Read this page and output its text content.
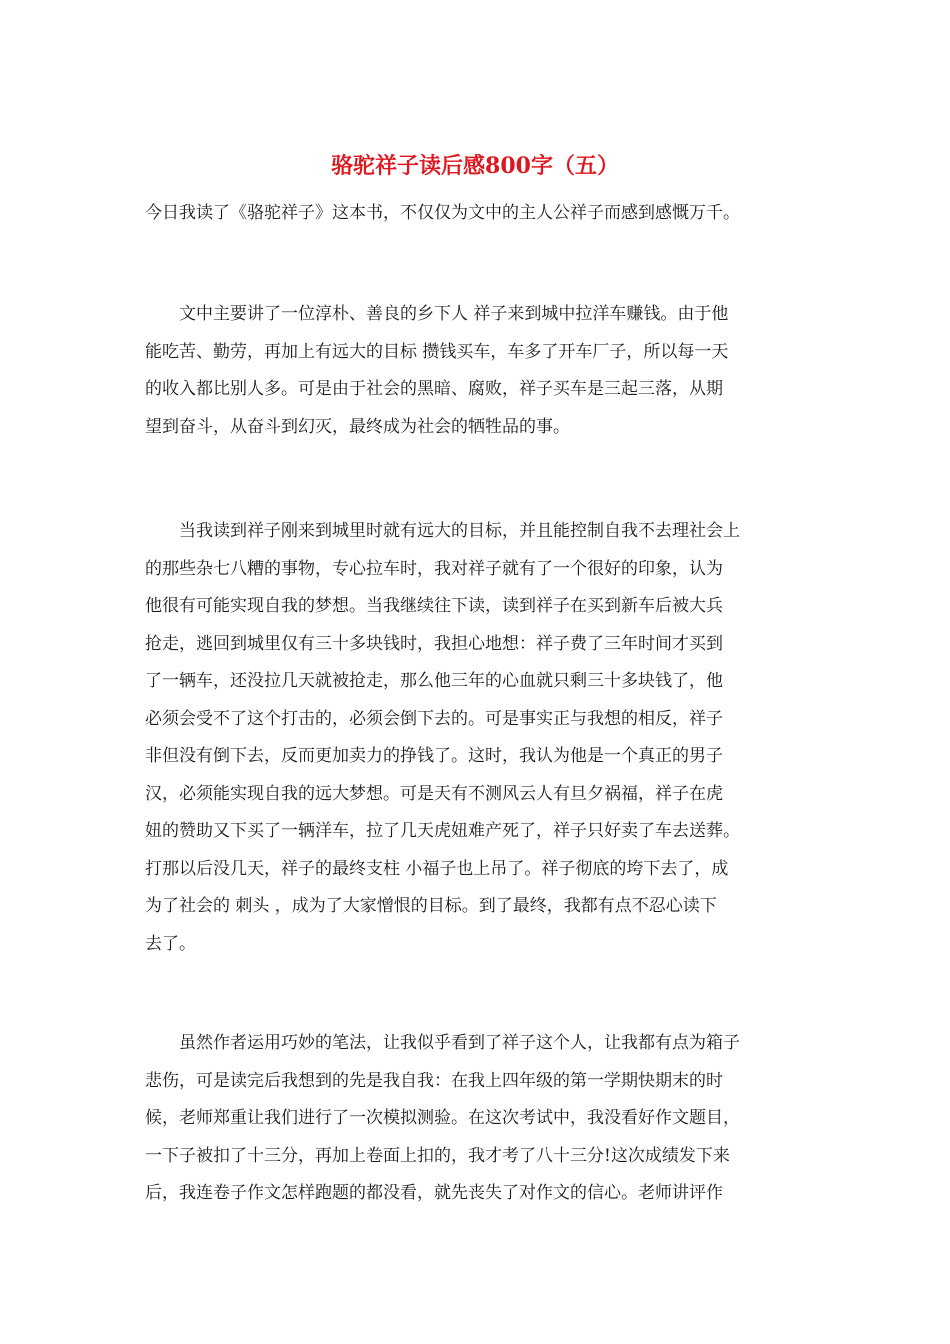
骆驼祥子读后感800字（五）

今日我读了《骆驼祥子》这本书，不仅仅为文中的主人公祥子而感到感慨万千。

文中主要讲了一位淳朴、善良的乡下人 祥子来到城中拉洋车赚钱。由于他
能吃苦、勤劳，再加上有远大的目标 攒钱买车，车多了开车厂子，所以每一天
的收入都比别人多。可是由于社会的黑暗、腐败，祥子买车是三起三落，从期
望到奋斗，从奋斗到幻灭，最终成为社会的牺牲品的事。
当我读到祥子刚来到城里时就有远大的目标，并且能控制自我不去理社会上
的那些杂七八糟的事物，专心拉车时，我对祥子就有了一个很好的印象，认为
他很有可能实现自我的梦想。当我继续往下读，读到祥子在买到新车后被大兵
抢走，逃回到城里仅有三十多块钱时，我担心地想：祥子费了三年时间才买到
了一辆车，还没拉几天就被抢走，那么他三年的心血就只剩三十多块钱了，他
必须会受不了这个打击的，必须会倒下去的。可是事实正与我想的相反，祥子
非但没有倒下去，反而更加卖力的挣钱了。这时，我认为他是一个真正的男子
汉，必须能实现自我的远大梦想。可是天有不测风云人有旦夕祸福，祥子在虎
妞的赞助又下买了一辆洋车，拉了几天虎妞难产死了，祥子只好卖了车去送葬。
打那以后没几天，祥子的最终支柱 小福子也上吊了。祥子彻底的垮下去了，成
为了社会的 刺头 ，成为了大家憎恨的目标。到了最终，我都有点不忍心读下
去了。
虽然作者运用巧妙的笔法，让我似乎看到了祥子这个人，让我都有点为箱子
悲伤，可是读完后我想到的先是我自我：在我上四年级的第一学期快期末的时
候，老师郑重让我们进行了一次模拟测验。在这次考试中，我没看好作文题目，
一下子被扣了十三分，再加上卷面上扣的，我才考了八十三分!这次成绩发下来
后，我连卷子作文怎样跑题的都没看，就先丧失了对作文的信心。老师讲评作
